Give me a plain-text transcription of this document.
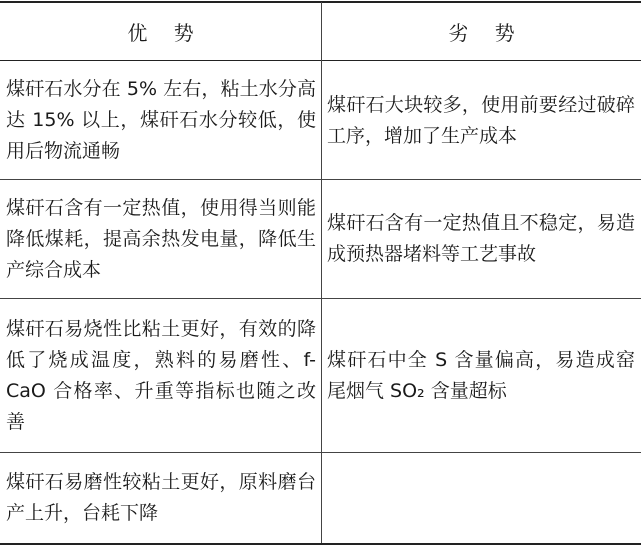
优 势	劣 势
煤矸石水分在 5% 左右，粘土水分高达 15% 以上，煤矸石水分较低，使用后物流通畅
煤矸石大块较多，使用前要经过破碎工序，增加了生产成本
煤矸石含有一定热值，使用得当则能降低煤耗，提高余热发电量，降低生产综合成本
煤矸石含有一定热值且不稳定，易造成预热器堵料等工艺事故
煤矸石易烧性比粘土更好，有效的降低了烧成温度，熟料的易磨性、f-CaO 合格率、升重等指标也随之改善
煤矸石中全 S 含量偏高，易造成窑尾烟气 SO₂ 含量超标
煤矸石易磨性较粘土更好，原料磨台产上升，台耗下降
